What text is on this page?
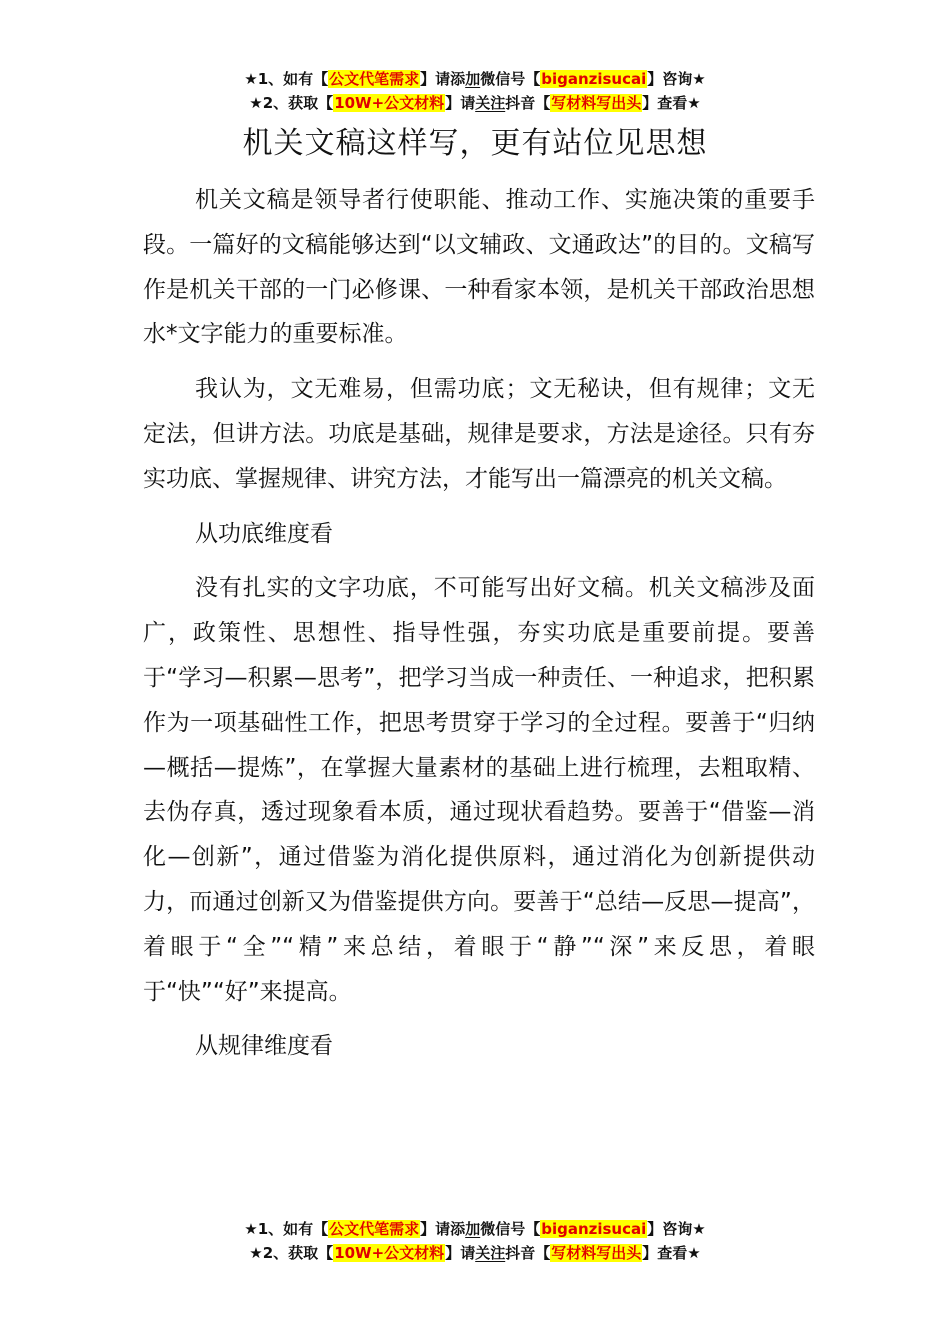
★1、如有【公文代笔需求】请添加微信号【biganzisucai】咨询★
★2、获取【10W+公文材料】请关注抖音【写材料写出头】查看★
机关文稿这样写，更有站位见思想

机关文稿是领导者行使职能、推动工作、实施决策的重要手段。一篇好的文稿能够达到“以文辅政、文通政达”的目的。文稿写作是机关干部的一门必修课、一种看家本领，是机关干部政治思想水*文字能力的重要标准。

我认为，文无难易，但需功底；文无秘诀，但有规律；文无定法，但讲方法。功底是基础，规律是要求，方法是途径。只有夯实功底、掌握规律、讲究方法，才能写出一篇漂亮的机关文稿。

从功底维度看

没有扎实的文字功底，不可能写出好文稿。机关文稿涉及面广，政策性、思想性、指导性强，夯实功底是重要前提。要善于“学习—积累—思考”，把学习当成一种责任、一种追求，把积累作为一项基础性工作，把思考贯穿于学习的全过程。要善于“归纳—概括—提炼”，在掌握大量素材的基础上进行梳理，去粗取精、去伪存真，透过现象看本质，通过现状看趋势。要善于“借鉴—消化—创新”，通过借鉴为消化提供原料，通过消化为创新提供动力，而通过创新又为借鉴提供方向。要善于“总结—反思—提高”，着眼于“全”“精”来总结，着眼于“静”“深”来反思，着眼于“快”“好”来提高。

从规律维度看

★1、如有【公文代笔需求】请添加微信号【biganzisucai】咨询★
★2、获取【10W+公文材料】请关注抖音【写材料写出头】查看★
